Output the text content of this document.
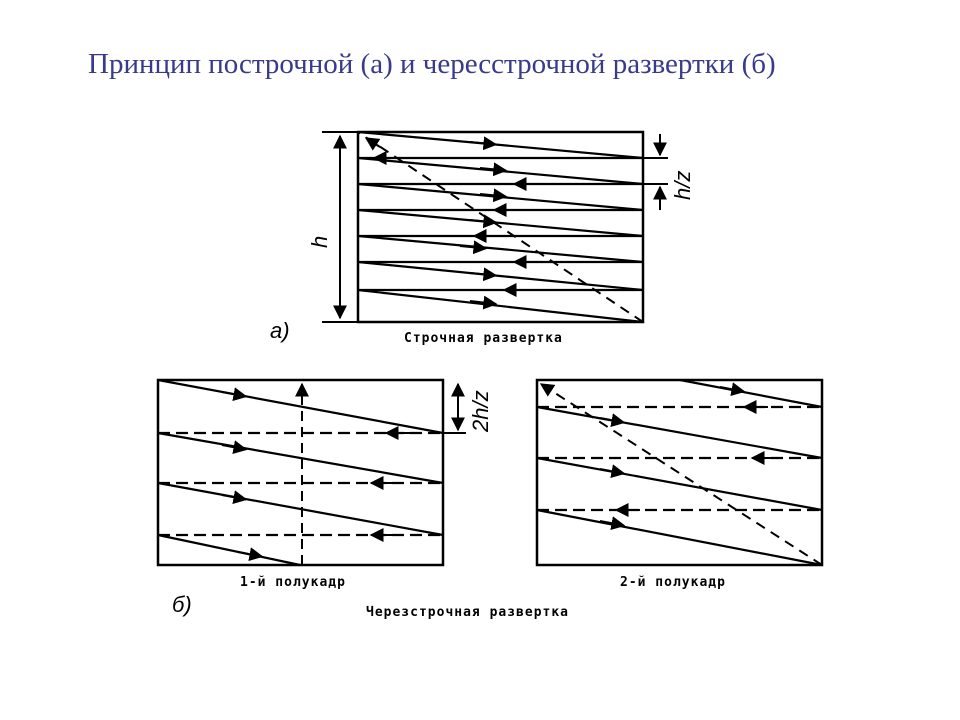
Принцип построчной (а) и чересстрочной развертки (б)
h
h/z
а)	Строчная развертка
1-й полукадр
2h/z
2-й полукадр
б)	Черезстрочная развертка
